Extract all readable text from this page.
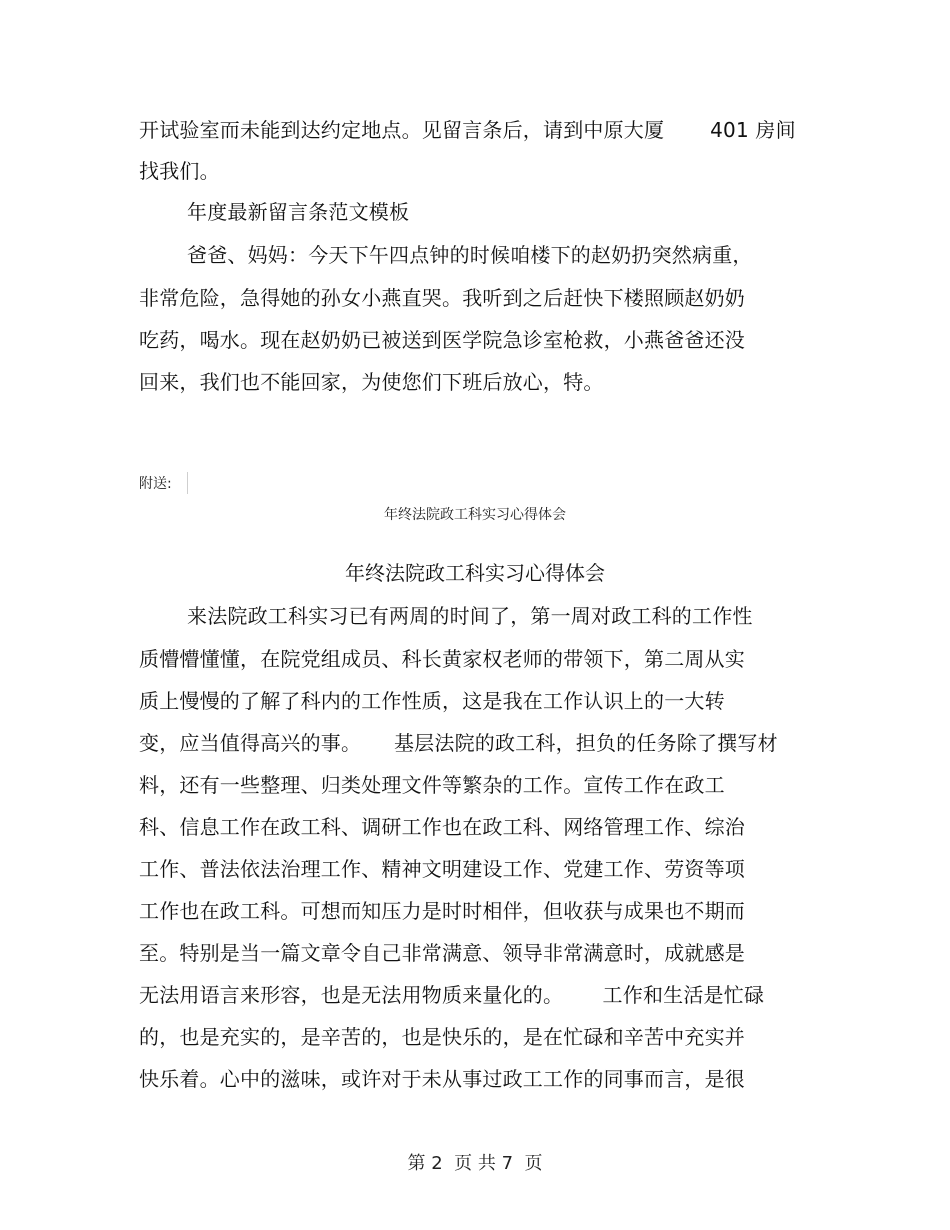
开试验室而未能到达约定地点。见留言条后，请到中原大厦       401 房间
找我们。
年度最新留言条范文模板
爸爸、妈妈：今天下午四点钟的时候咱楼下的赵奶扔突然病重，
非常危险，急得她的孙女小燕直哭。我听到之后赶快下楼照顾赵奶奶
吃药，喝水。现在赵奶奶已被送到医学院急诊室枪救，小燕爸爸还没
回来，我们也不能回家，为使您们下班后放心，特。
附送:
年终法院政工科实习心得体会
年终法院政工科实习心得体会
来法院政工科实习已有两周的时间了，第一周对政工科的工作性
质懵懵懂懂，在院党组成员、科长黄家权老师的带领下，第二周从实
质上慢慢的了解了科内的工作性质，这是我在工作认识上的一大转
变，应当值得高兴的事。     基层法院的政工科，担负的任务除了撰写材
料，还有一些整理、归类处理文件等繁杂的工作。宣传工作在政工
科、信息工作在政工科、调研工作也在政工科、网络管理工作、综治
工作、普法依法治理工作、精神文明建设工作、党建工作、劳资等项
工作也在政工科。可想而知压力是时时相伴，但收获与成果也不期而
至。特别是当一篇文章令自己非常满意、领导非常满意时，成就感是
无法用语言来形容，也是无法用物质来量化的。      工作和生活是忙碌
的，也是充实的，是辛苦的，也是快乐的，是在忙碌和辛苦中充实并
快乐着。心中的滋味，或许对于未从事过政工工作的同事而言，是很
第 2  页 共 7  页
